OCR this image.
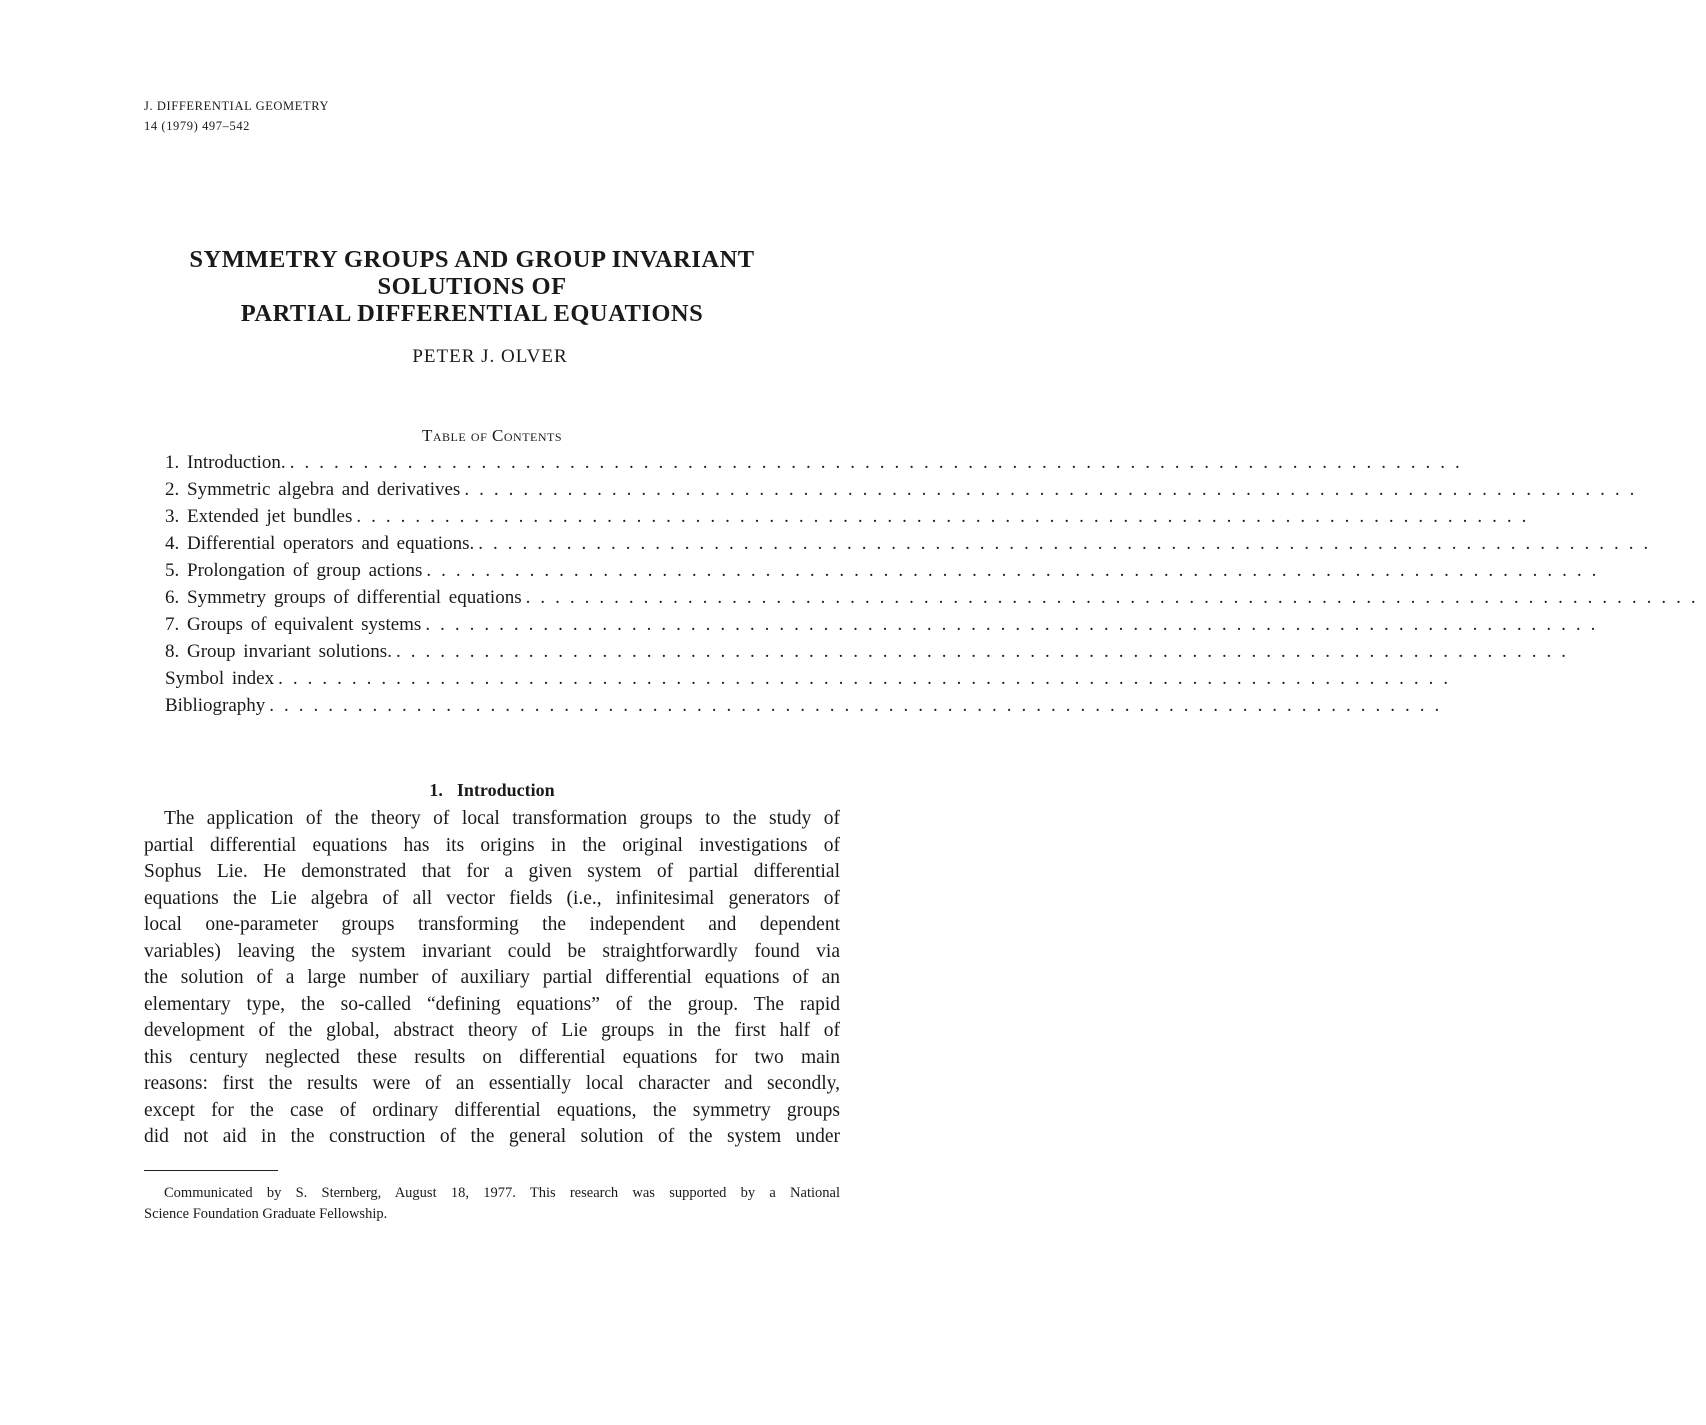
J. DIFFERENTIAL GEOMETRY
14 (1979) 497–542
SYMMETRY GROUPS AND GROUP INVARIANT
SOLUTIONS OF
PARTIAL DIFFERENTIAL EQUATIONS
PETER J. OLVER
Table of Contents
1. Introduction. ................................................................................
2. Symmetric algebra and derivatives ................................................................................
3. Extended jet bundles ................................................................................
4. Differential operators and equations. ................................................................................
5. Prolongation of group actions ................................................................................
6. Symmetry groups of differential equations ................................................................................
7. Groups of equivalent systems ................................................................................
8. Group invariant solutions. ................................................................................
Symbol index ................................................................................
Bibliography ................................................................................
1. Introduction
The application of the theory of local transformation groups to the study of
partial differential equations has its origins in the original investigations of
Sophus Lie. He demonstrated that for a given system of partial differential
equations the Lie algebra of all vector fields (i.e., infinitesimal generators of
local one-parameter groups transforming the independent and dependent
variables) leaving the system invariant could be straightforwardly found via
the solution of a large number of auxiliary partial differential equations of an
elementary type, the so-called “defining equations” of the group. The rapid
development of the global, abstract theory of Lie groups in the first half of
this century neglected these results on differential equations for two main
reasons: first the results were of an essentially local character and secondly,
except for the case of ordinary differential equations, the symmetry groups
did not aid in the construction of the general solution of the system under
Communicated by S. Sternberg, August 18, 1977. This research was supported by a National
Science Foundation Graduate Fellowship.
